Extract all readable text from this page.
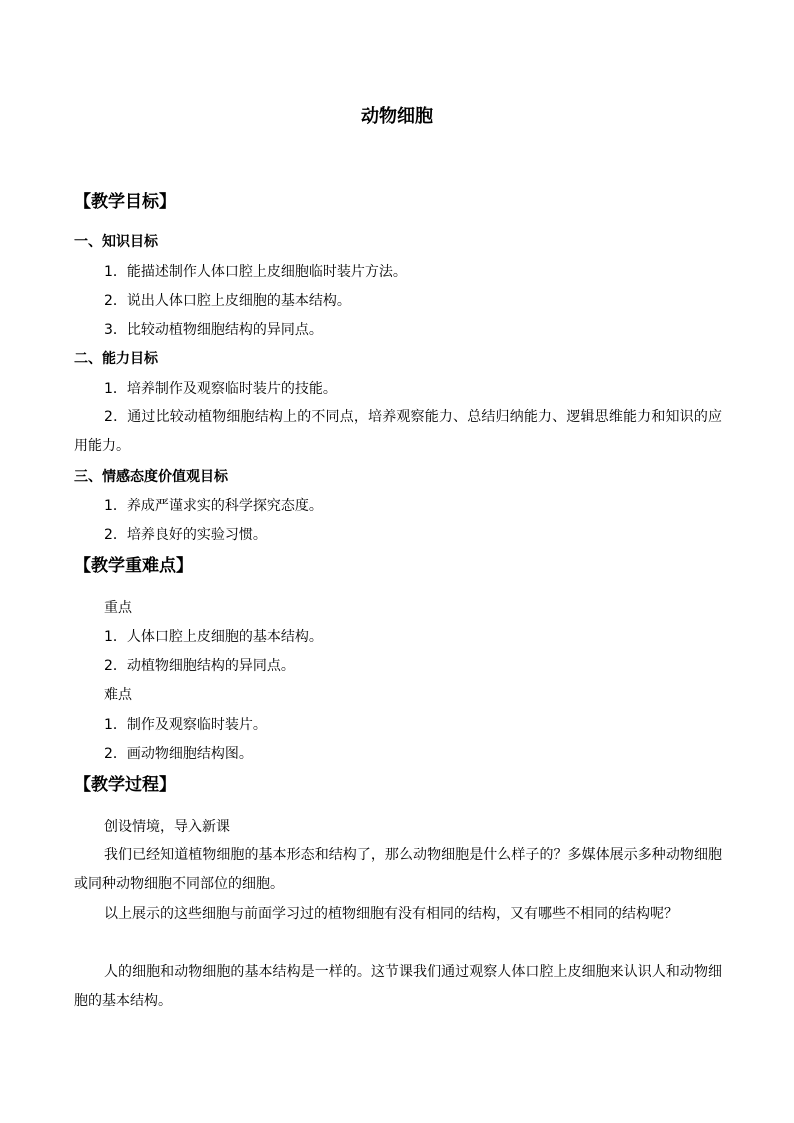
动物细胞
【教学目标】
一、知识目标
1．能描述制作人体口腔上皮细胞临时装片方法。
2．说出人体口腔上皮细胞的基本结构。
3．比较动植物细胞结构的异同点。
二、能力目标
1．培养制作及观察临时装片的技能。
2．通过比较动植物细胞结构上的不同点，培养观察能力、总结归纳能力、逻辑思维能力和知识的应用能力。
三、情感态度价值观目标
1．养成严谨求实的科学探究态度。
2．培养良好的实验习惯。
【教学重难点】
重点
1．人体口腔上皮细胞的基本结构。
2．动植物细胞结构的异同点。
难点
1．制作及观察临时装片。
2．画动物细胞结构图。
【教学过程】
创设情境，导入新课
我们已经知道植物细胞的基本形态和结构了，那么动物细胞是什么样子的？多媒体展示多种动物细胞或同种动物细胞不同部位的细胞。
以上展示的这些细胞与前面学习过的植物细胞有没有相同的结构，又有哪些不相同的结构呢？
人的细胞和动物细胞的基本结构是一样的。这节课我们通过观察人体口腔上皮细胞来认识人和动物细胞的基本结构。
